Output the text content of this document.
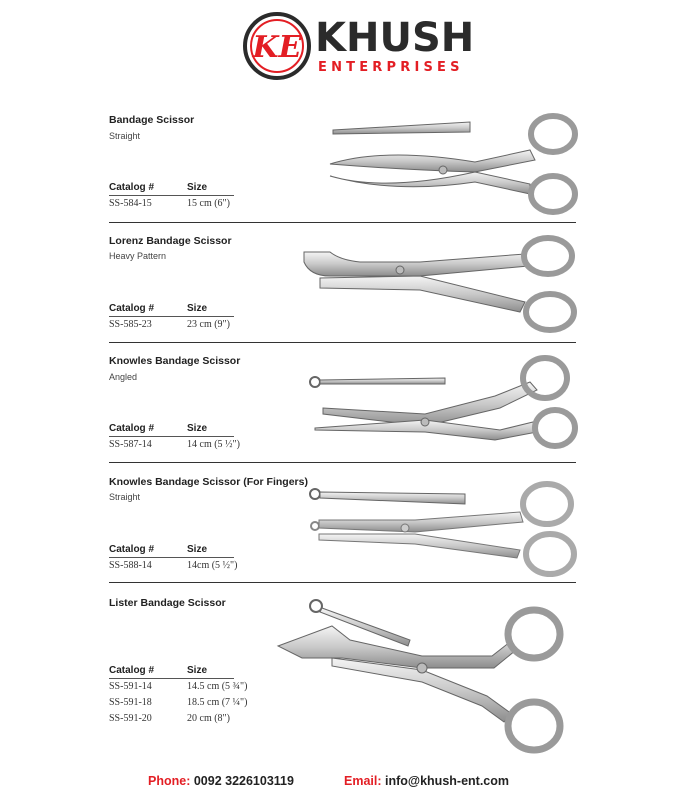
KE KHUSH
ENTERPRISES
Bandage Scissor
Straight
Catalog #	Size
SS-584-15	15 cm (6")
Lorenz Bandage Scissor
Heavy Pattern
Catalog #	Size
SS-585-23	23 cm (9")
Knowles Bandage Scissor
Angled
Catalog #	Size
SS-587-14	14 cm (5 ½")
Knowles Bandage Scissor (For Fingers)
Straight
Catalog #	Size
SS-588-14	14cm (5 ½")
Lister Bandage Scissor
Catalog #	Size
SS-591-14	14.5 cm (5 ¾")
SS-591-18	18.5 cm (7 ¼")
SS-591-20	20 cm (8")
Phone: 0092 3226103119	Email: info@khush-ent.com
